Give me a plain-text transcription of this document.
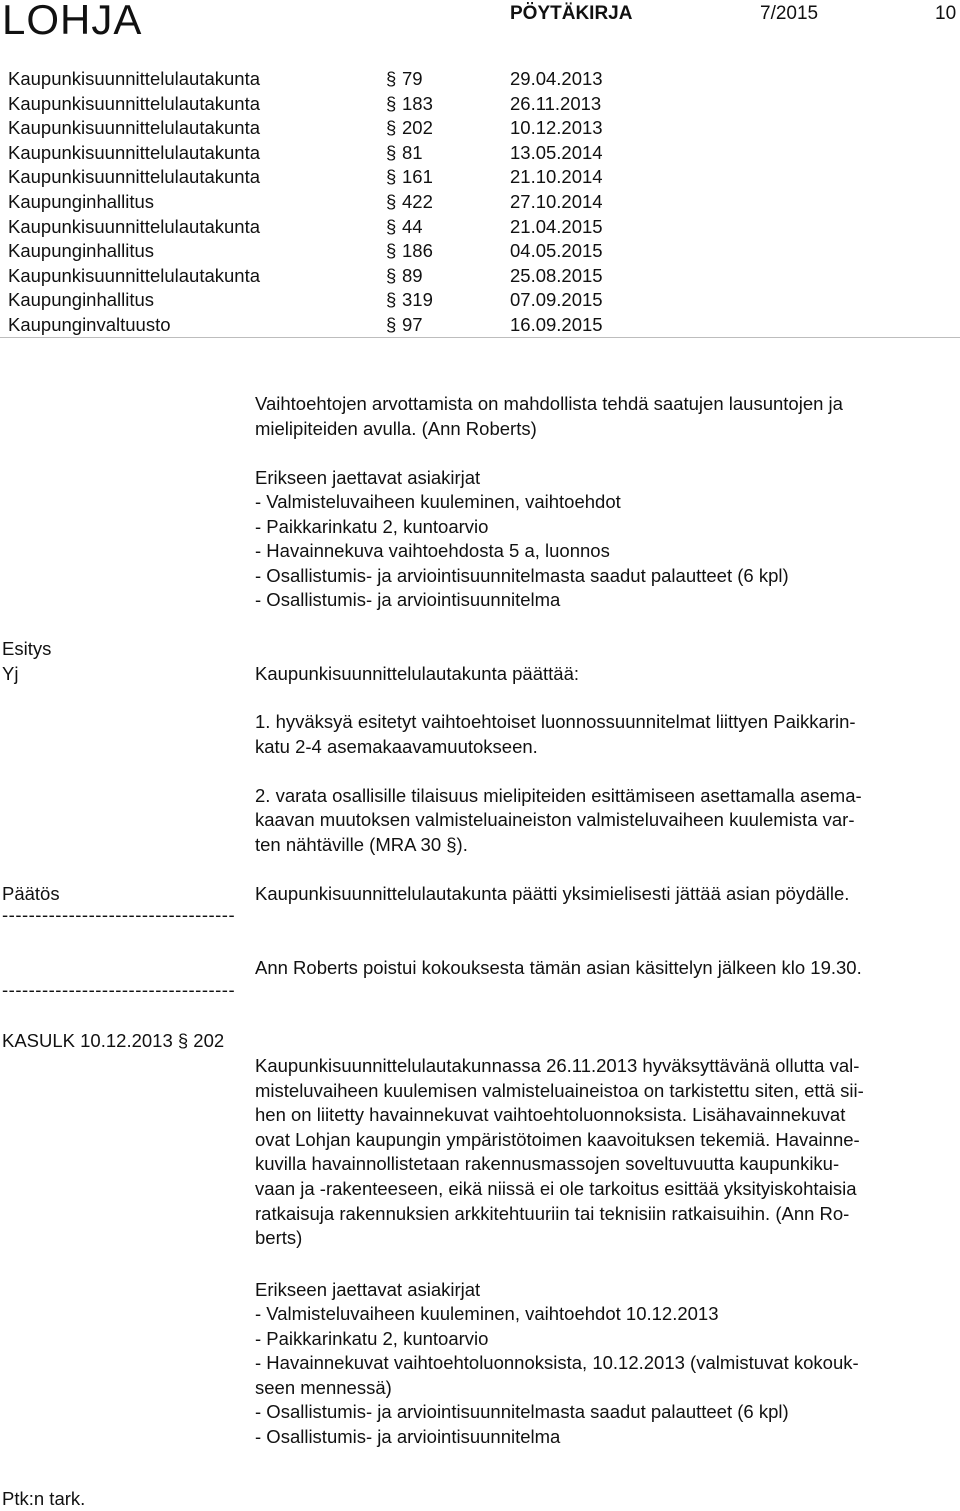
LOHJA	PÖYTÄKIRJA	7/2015	10
Kaupunkisuunnittelulautakunta	§ 79	29.04.2013
Kaupunkisuunnittelulautakunta	§ 183	26.11.2013
Kaupunkisuunnittelulautakunta	§ 202	10.12.2013
Kaupunkisuunnittelulautakunta	§ 81	13.05.2014
Kaupunkisuunnittelulautakunta	§ 161	21.10.2014
Kaupunginhallitus	§ 422	27.10.2014
Kaupunkisuunnittelulautakunta	§ 44	21.04.2015
Kaupunginhallitus	§ 186	04.05.2015
Kaupunkisuunnittelulautakunta	§ 89	25.08.2015
Kaupunginhallitus	§ 319	07.09.2015
Kaupunginvaltuusto	§ 97	16.09.2015
Vaihtoehtojen arvottamista on mahdollista tehdä saatujen lausuntojen ja
mielipiteiden avulla. (Ann Roberts)
Erikseen jaettavat asiakirjat
- Valmisteluvaiheen kuuleminen, vaihtoehdot
- Paikkarinkatu 2, kuntoarvio
- Havainnekuva vaihtoehdosta 5 a, luonnos
- Osallistumis- ja arviointisuunnitelmasta saadut palautteet (6 kpl)
- Osallistumis- ja arviointisuunnitelma
Esitys
Yj	Kaupunkisuunnittelulautakunta päättää:
1. hyväksyä esitetyt vaihtoehtoiset luonnossuunnitelmat liittyen Paikkarin-
katu 2-4 asemakaavamuutokseen.
2. varata osallisille tilaisuus mielipiteiden esittämiseen asettamalla asema-
kaavan muutoksen valmisteluaineiston valmisteluvaiheen kuulemista var-
ten nähtäville (MRA 30 §).
Päätös	Kaupunkisuunnittelulautakunta päätti yksimielisesti jättää asian pöydälle.
-----------------------------------
Ann Roberts poistui kokouksesta tämän asian käsittelyn jälkeen klo 19.30.
-----------------------------------
KASULK 10.12.2013 § 202
Kaupunkisuunnittelulautakunnassa 26.11.2013 hyväksyttävänä ollutta val-
misteluvaiheen kuulemisen valmisteluaineistoa on tarkistettu siten, että sii-
hen on liitetty havainnekuvat vaihtoehtoluonnoksista. Lisähavainnekuvat
ovat Lohjan kaupungin ympäristötoimen kaavoituksen tekemiä. Havainne-
kuvilla havainnollistetaan rakennusmassojen soveltuvuutta kaupunkiku-
vaan ja -rakenteeseen, eikä niissä ei ole tarkoitus esittää yksityiskohtaisia
ratkaisuja rakennuksien arkkitehtuuriin tai teknisiin ratkaisuihin. (Ann Ro-
berts)
Erikseen jaettavat asiakirjat
- Valmisteluvaiheen kuuleminen, vaihtoehdot 10.12.2013
- Paikkarinkatu 2, kuntoarvio
- Havainnekuvat vaihtoehtoluonnoksista, 10.12.2013 (valmistuvat kokouk-
seen mennessä)
- Osallistumis- ja arviointisuunnitelmasta saadut palautteet (6 kpl)
- Osallistumis- ja arviointisuunnitelma
Ptk:n tark.
